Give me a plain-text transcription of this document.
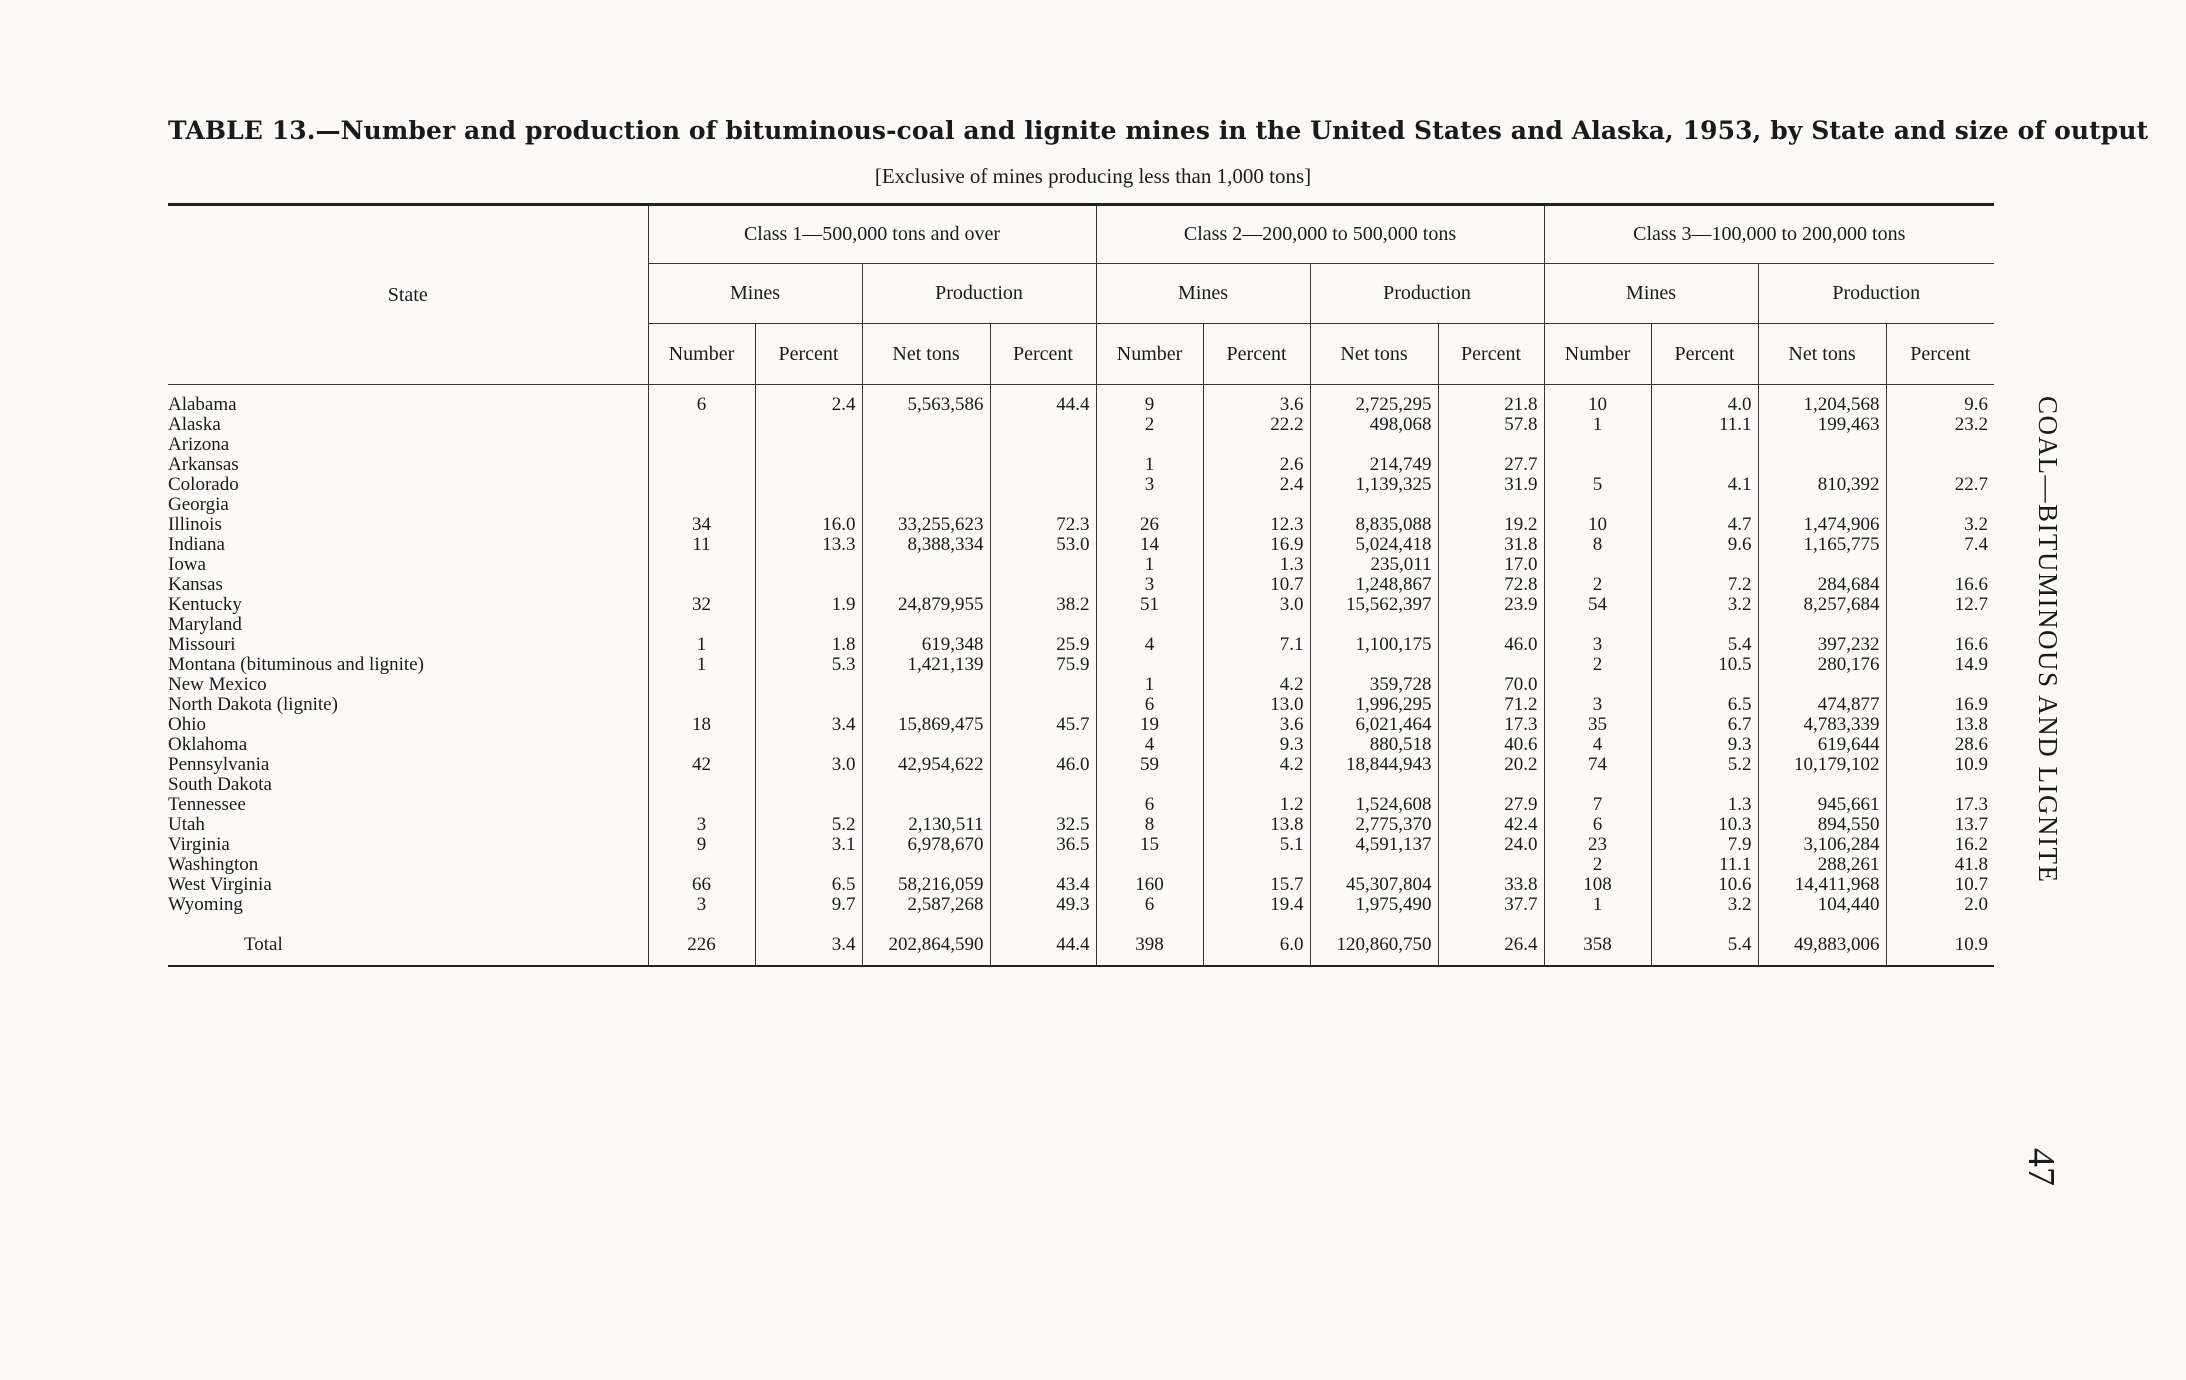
TABLE 13.—Number and production of bituminous-coal and lignite mines in the United States and Alaska, 1953, by State and size of output
[Exclusive of mines producing less than 1,000 tons]
State	Class 1—500,000 tons and over				Class 2—200,000 to 500,000 tons				Class 3—100,000 to 200,000 tons			
	Mines		Production		Mines		Production		Mines		Production	
	Number	Percent	Net tons	Percent	Number	Percent	Net tons	Percent	Number	Percent	Net tons	Percent

Alabama	6	2.4	5,563,586	44.4	9	3.6	2,725,295	21.8	10	4.0	1,204,568	9.6
Alaska					2	22.2	498,068	57.8	1	11.1	199,463	23.2
Arizona												
Arkansas					1	2.6	214,749	27.7				
Colorado					3	2.4	1,139,325	31.9	5	4.1	810,392	22.7
Georgia												
Illinois	34	16.0	33,255,623	72.3	26	12.3	8,835,088	19.2	10	4.7	1,474,906	3.2
Indiana	11	13.3	8,388,334	53.0	14	16.9	5,024,418	31.8	8	9.6	1,165,775	7.4
Iowa					1	1.3	235,011	17.0				
Kansas					3	10.7	1,248,867	72.8	2	7.2	284,684	16.6
Kentucky	32	1.9	24,879,955	38.2	51	3.0	15,562,397	23.9	54	3.2	8,257,684	12.7
Maryland												
Missouri	1	1.8	619,348	25.9	4	7.1	1,100,175	46.0	3	5.4	397,232	16.6
Montana (bituminous and lignite)	1	5.3	1,421,139	75.9					2	10.5	280,176	14.9
New Mexico					1	4.2	359,728	70.0				
North Dakota (lignite)					6	13.0	1,996,295	71.2	3	6.5	474,877	16.9
Ohio	18	3.4	15,869,475	45.7	19	3.6	6,021,464	17.3	35	6.7	4,783,339	13.8
Oklahoma					4	9.3	880,518	40.6	4	9.3	619,644	28.6
Pennsylvania	42	3.0	42,954,622	46.0	59	4.2	18,844,943	20.2	74	5.2	10,179,102	10.9
South Dakota												
Tennessee					6	1.2	1,524,608	27.9	7	1.3	945,661	17.3
Utah	3	5.2	2,130,511	32.5	8	13.8	2,775,370	42.4	6	10.3	894,550	13.7
Virginia	9	3.1	6,978,670	36.5	15	5.1	4,591,137	24.0	23	7.9	3,106,284	16.2
Washington									2	11.1	288,261	41.8
West Virginia	66	6.5	58,216,059	43.4	160	15.7	45,307,804	33.8	108	10.6	14,411,968	10.7
Wyoming	3	9.7	2,587,268	49.3	6	19.4	1,975,490	37.7	1	3.2	104,440	2.0

Total	226	3.4	202,864,590	44.4	398	6.0	120,860,750	26.4	358	5.4	49,883,006	10.9
COAL—BITUMINOUS AND LIGNITE
47
